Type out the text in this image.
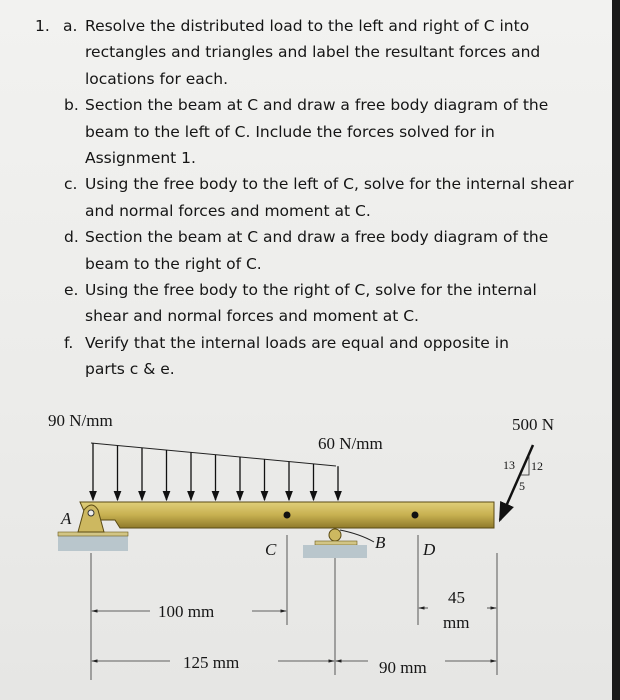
1. a. Resolve the distributed load to the left and right of C into
rectangles and triangles and label the resultant forces and
locations for each.
b. Section the beam at C and draw a free body diagram of the
beam to the left of C. Include the forces solved for in
Assignment 1.
c. Using the free body to the left of C, solve for the internal shear
and normal forces and moment at C.
d. Section the beam at C and draw a free body diagram of the
beam to the right of C.
e. Using the free body to the right of C, solve for the internal
shear and normal forces and moment at C.
f. Verify that the internal loads are equal and opposite in
parts c & e.
90 N/mm
60 N/mm
A
B
C	D
500 N
13 12
5
100 mm
125 mm	90 mm
45
mm
